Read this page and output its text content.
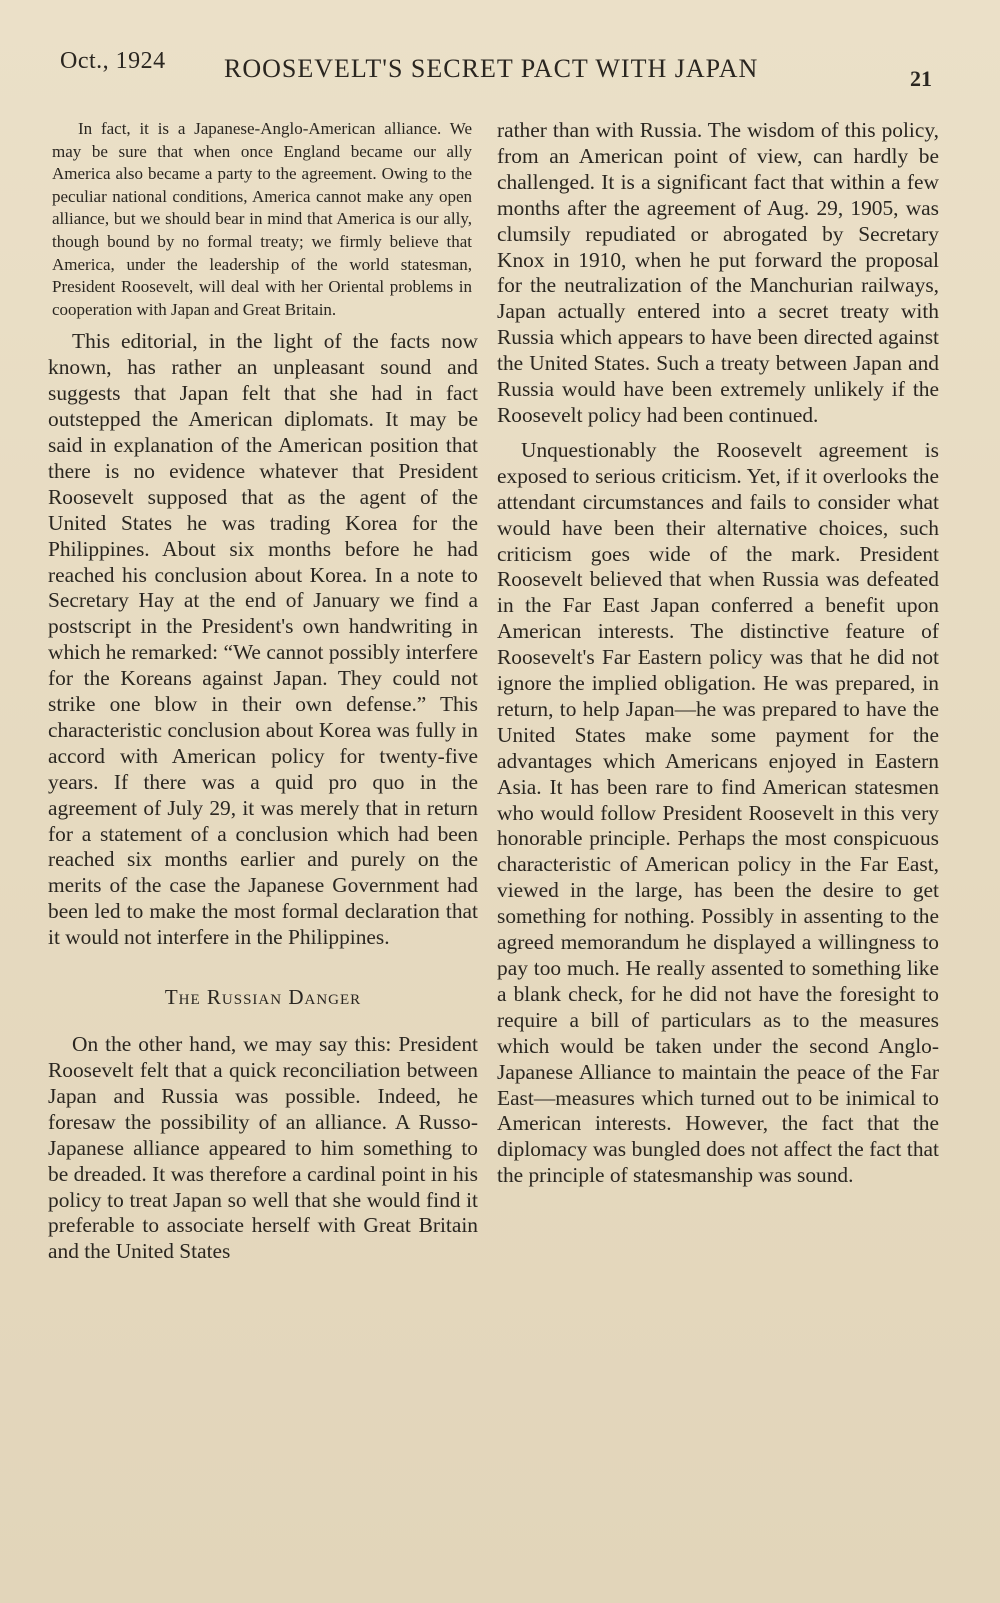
Oct., 1924 ROOSEVELT'S SECRET PACT WITH JAPAN	21

In fact, it is a Japanese-Anglo-American alliance. We may be sure that when once England became our ally America also became a party to the agreement. Owing to the peculiar national conditions, America cannot make any open alliance, but we should bear in mind that America is our ally, though bound by no formal treaty; we firmly believe that America, under the leadership of the world statesman, President Roosevelt, will deal with her Oriental problems in cooperation with Japan and Great Britain.

This editorial, in the light of the facts now known, has rather an unpleasant sound and suggests that Japan felt that she had in fact outstepped the American diplomats. It may be said in explanation of the American position that there is no evidence whatever that President Roosevelt supposed that as the agent of the United States he was trading Korea for the Philippines. About six months before he had reached his conclusion about Korea. In a note to Secretary Hay at the end of January we find a postscript in the President's own handwriting in which he remarked: “We cannot possibly interfere for the Koreans against Japan. They could not strike one blow in their own defense.” This characteristic conclusion about Korea was fully in accord with American policy for twenty-five years. If there was a quid pro quo in the agreement of July 29, it was merely that in return for a statement of a conclusion which had been reached six months earlier and purely on the merits of the case the Japanese Government had been led to make the most formal declaration that it would not interfere in the Philippines.

The Russian Danger

On the other hand, we may say this: President Roosevelt felt that a quick reconciliation between Japan and Russia was possible. Indeed, he foresaw the possibility of an alliance. A Russo-Japanese alliance appeared to him something to be dreaded. It was therefore a cardinal point in his policy to treat Japan so well that she would find it preferable to associate herself with Great Britain and the United States

rather than with Russia. The wisdom of this policy, from an American point of view, can hardly be challenged. It is a significant fact that within a few months after the agreement of Aug. 29, 1905, was clumsily repudiated or abrogated by Secretary Knox in 1910, when he put forward the proposal for the neutralization of the Manchurian railways, Japan actually entered into a secret treaty with Russia which appears to have been directed against the United States. Such a treaty between Japan and Russia would have been extremely unlikely if the Roosevelt policy had been continued.

Unquestionably the Roosevelt agreement is exposed to serious criticism. Yet, if it overlooks the attendant circumstances and fails to consider what would have been their alternative choices, such criticism goes wide of the mark. President Roosevelt believed that when Russia was defeated in the Far East Japan conferred a benefit upon American interests. The distinctive feature of Roosevelt's Far Eastern policy was that he did not ignore the implied obligation. He was prepared, in return, to help Japan—he was prepared to have the United States make some payment for the advantages which Americans enjoyed in Eastern Asia. It has been rare to find American statesmen who would follow President Roosevelt in this very honorable principle. Perhaps the most conspicuous characteristic of American policy in the Far East, viewed in the large, has been the desire to get something for nothing. Possibly in assenting to the agreed memorandum he displayed a willingness to pay too much. He really assented to something like a blank check, for he did not have the foresight to require a bill of particulars as to the measures which would be taken under the second Anglo-Japanese Alliance to maintain the peace of the Far East—measures which turned out to be inimical to American interests. However, the fact that the diplomacy was bungled does not affect the fact that the principle of statesmanship was sound.
